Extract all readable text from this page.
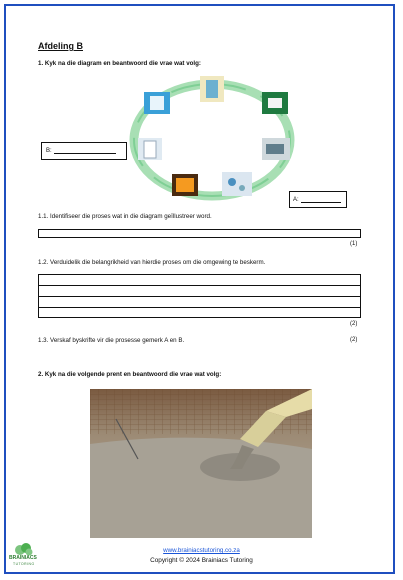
Afdeling B
1. Kyk na die diagram en beantwoord die vrae wat volg:
B:
A:
1.1. Identifiseer die proses wat in die diagram geïllustreer word.
(1)
1.2. Verduidelik die belangrikheid van hierdie proses om die omgewing te beskerm.
(2)
1.3. Verskaf byskrifte vir die prosesse gemerk A en B.	(2)
2. Kyk na die volgende prent en beantwoord die vrae wat volg:
www.brainiacstutoring.co.za
Copyright © 2024 Brainiacs Tutoring
BRAINIACS
TUTORING
